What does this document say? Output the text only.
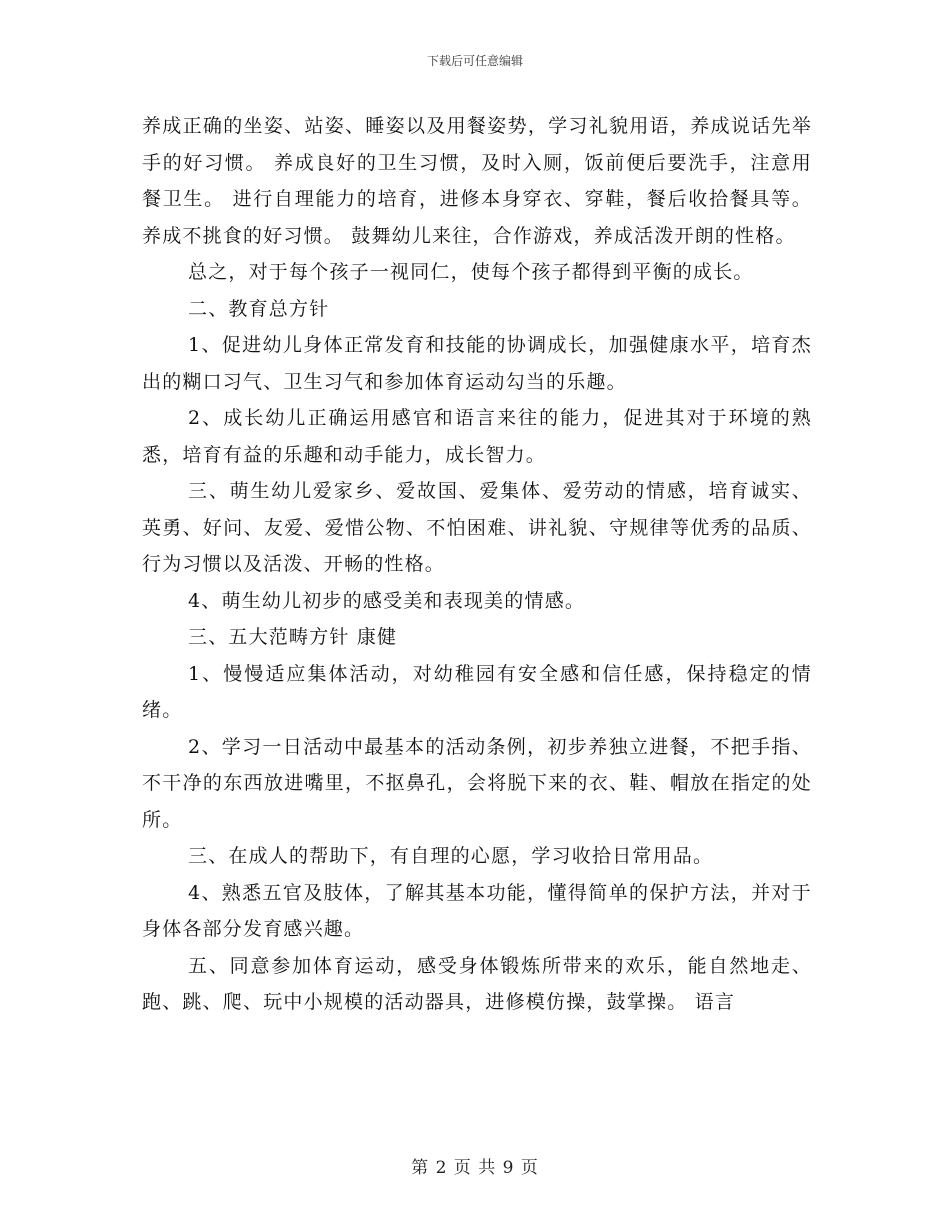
下载后可任意编辑

养成正确的坐姿、站姿、睡姿以及用餐姿势，学习礼貌用语，养成说话先举手的好习惯。 养成良好的卫生习惯，及时入厕，饭前便后要洗手，注意用餐卫生。 进行自理能力的培育，进修本身穿衣、穿鞋，餐后收拾餐具等。 养成不挑食的好习惯。 鼓舞幼儿来往，合作游戏，养成活泼开朗的性格。

总之，对于每个孩子一视同仁，使每个孩子都得到平衡的成长。

二、教育总方针

1、促进幼儿身体正常发育和技能的协调成长，加强健康水平，培育杰出的糊口习气、卫生习气和参加体育运动勾当的乐趣。

2、成长幼儿正确运用感官和语言来往的能力，促进其对于环境的熟悉，培育有益的乐趣和动手能力，成长智力。

三、萌生幼儿爱家乡、爱故国、爱集体、爱劳动的情感，培育诚实、英勇、好问、友爱、爱惜公物、不怕困难、讲礼貌、守规律等优秀的品质、行为习惯以及活泼、开畅的性格。

4、萌生幼儿初步的感受美和表现美的情感。

三、五大范畴方针 康健

1、慢慢适应集体活动，对幼稚园有安全感和信任感，保持稳定的情绪。

2、学习一日活动中最基本的活动条例，初步养独立进餐，不把手指、不干净的东西放进嘴里，不抠鼻孔，会将脱下来的衣、鞋、帽放在指定的处所。

三、在成人的帮助下，有自理的心愿，学习收拾日常用品。

4、熟悉五官及肢体，了解其基本功能，懂得简单的保护方法，并对于身体各部分发育感兴趣。

五、同意参加体育运动，感受身体锻炼所带来的欢乐，能自然地走、跑、跳、爬、玩中小规模的活动器具，进修模仿操，鼓掌操。 语言

第 2 页 共 9 页
